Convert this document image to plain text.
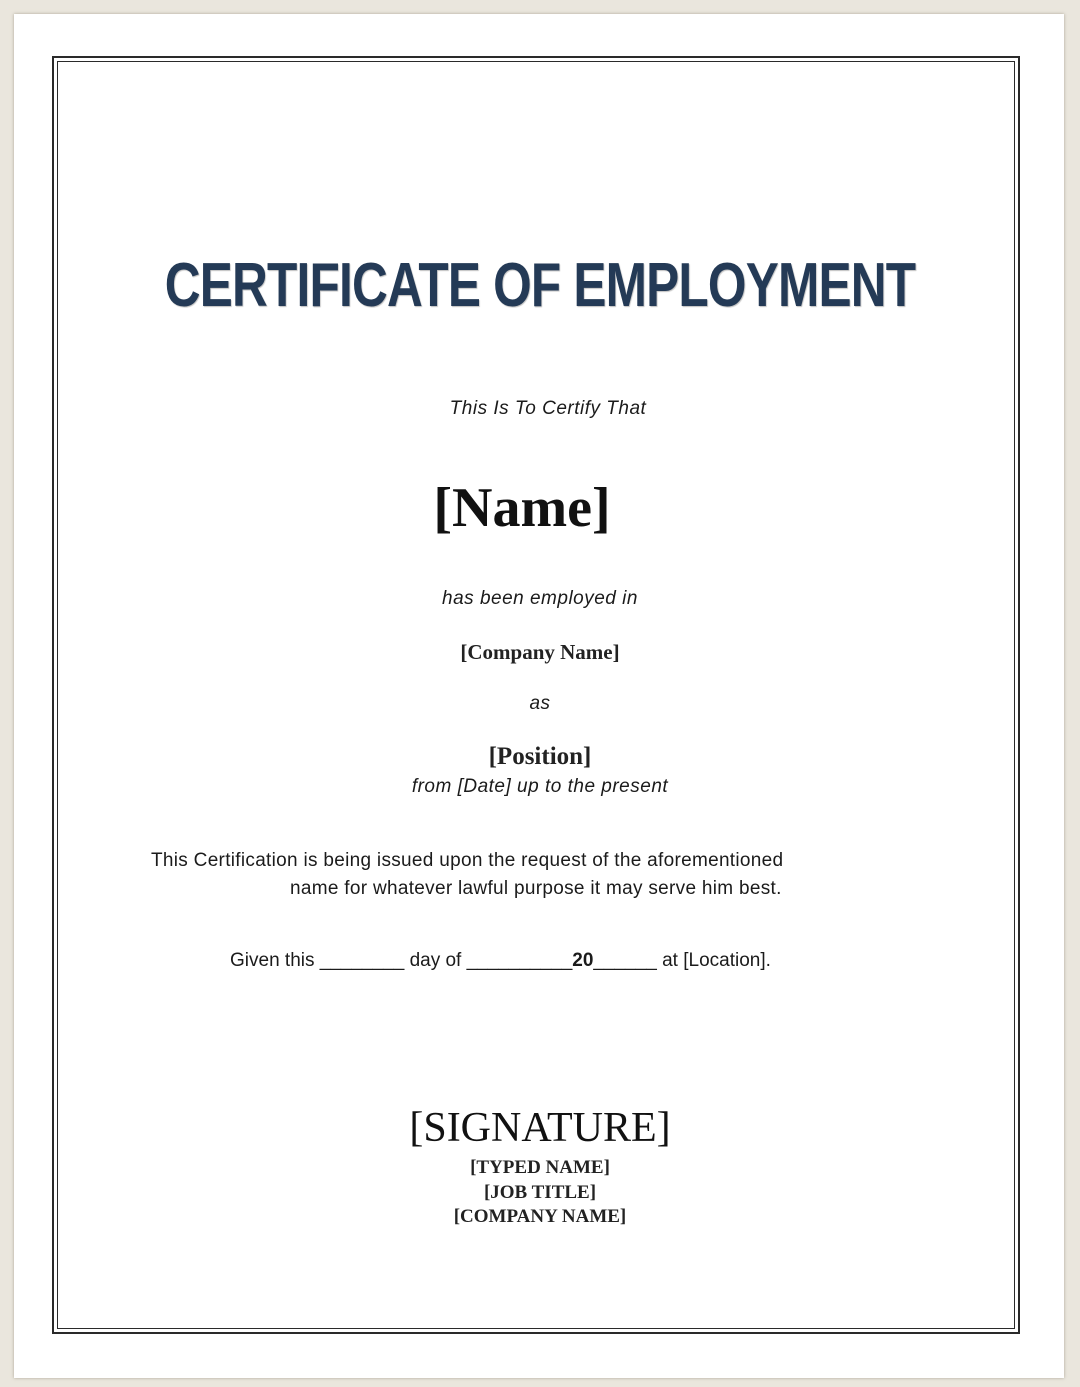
CERTIFICATE OF EMPLOYMENT
This Is To Certify That
[Name]
has been employed in
[Company Name]
as
[Position]
from [Date] up to the present
This Certification is being issued upon the request of the aforementioned
name for whatever lawful purpose it may serve him best.
Given this ________ day of __________20______ at [Location].
[SIGNATURE]
[TYPED NAME]
[JOB TITLE]
[COMPANY NAME]
